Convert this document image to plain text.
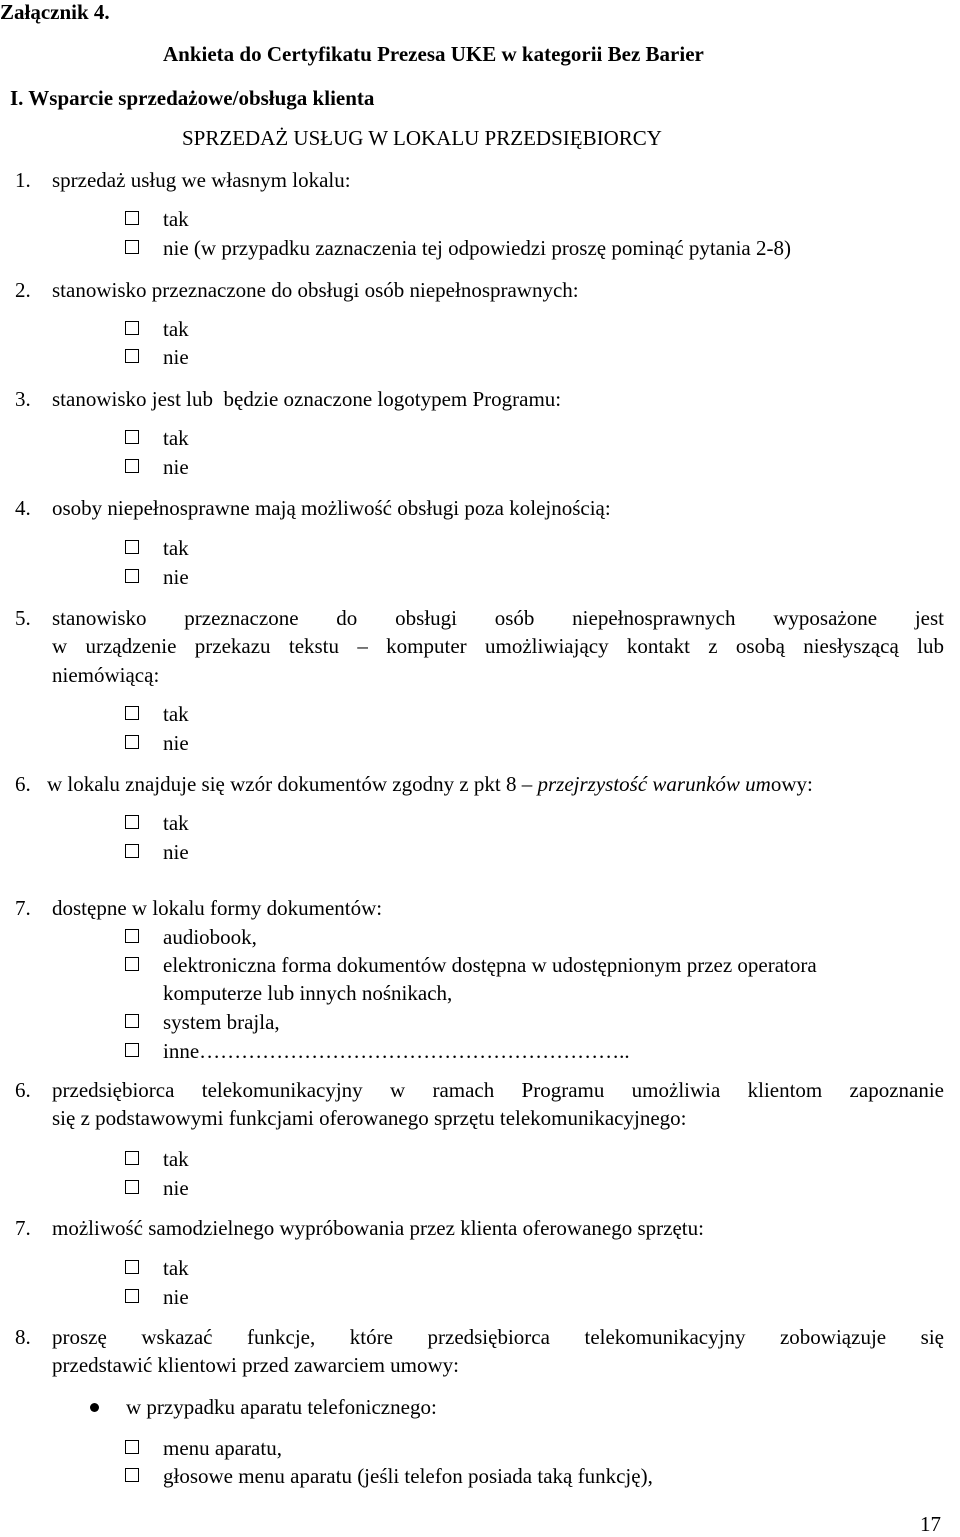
Załącznik 4.
Ankieta do Certyfikatu Prezesa UKE w kategorii Bez Barier
I. Wsparcie sprzedażowe/obsługa klienta
SPRZEDAŻ USŁUG W LOKALU PRZEDSIĘBIORCY
1. sprzedaż usług we własnym lokalu:
tak
nie (w przypadku zaznaczenia tej odpowiedzi proszę pominąć pytania 2-8)
2. stanowisko przeznaczone do obsługi osób niepełnosprawnych:
tak
nie
3. stanowisko jest lub  będzie oznaczone logotypem Programu:
tak
nie
4. osoby niepełnosprawne mają możliwość obsługi poza kolejnością:
tak
nie
5. stanowisko przeznaczone do obsługi osób niepełnosprawnych wyposażone jest
w urządzenie przekazu tekstu – komputer umożliwiający kontakt z osobą niesłyszącą lub
niemówiącą:
tak
nie
6. w lokalu znajduje się wzór dokumentów zgodny z pkt 8 – przejrzystość warunków umowy:
tak
nie
7. dostępne w lokalu formy dokumentów:
audiobook,
elektroniczna forma dokumentów dostępna w udostępnionym przez operatora
komputerze lub innych nośnikach,
system brajla,
inne……………………………………………………..
6. przedsiębiorca telekomunikacyjny w ramach Programu umożliwia klientom zapoznanie
się z podstawowymi funkcjami oferowanego sprzętu telekomunikacyjnego:
tak
nie
7. możliwość samodzielnego wypróbowania przez klienta oferowanego sprzętu:
tak
nie
8. proszę wskazać funkcje, które przedsiębiorca telekomunikacyjny zobowiązuje się
przedstawić klientowi przed zawarciem umowy:
w przypadku aparatu telefonicznego:
menu aparatu,
głosowe menu aparatu (jeśli telefon posiada taką funkcję),
17
